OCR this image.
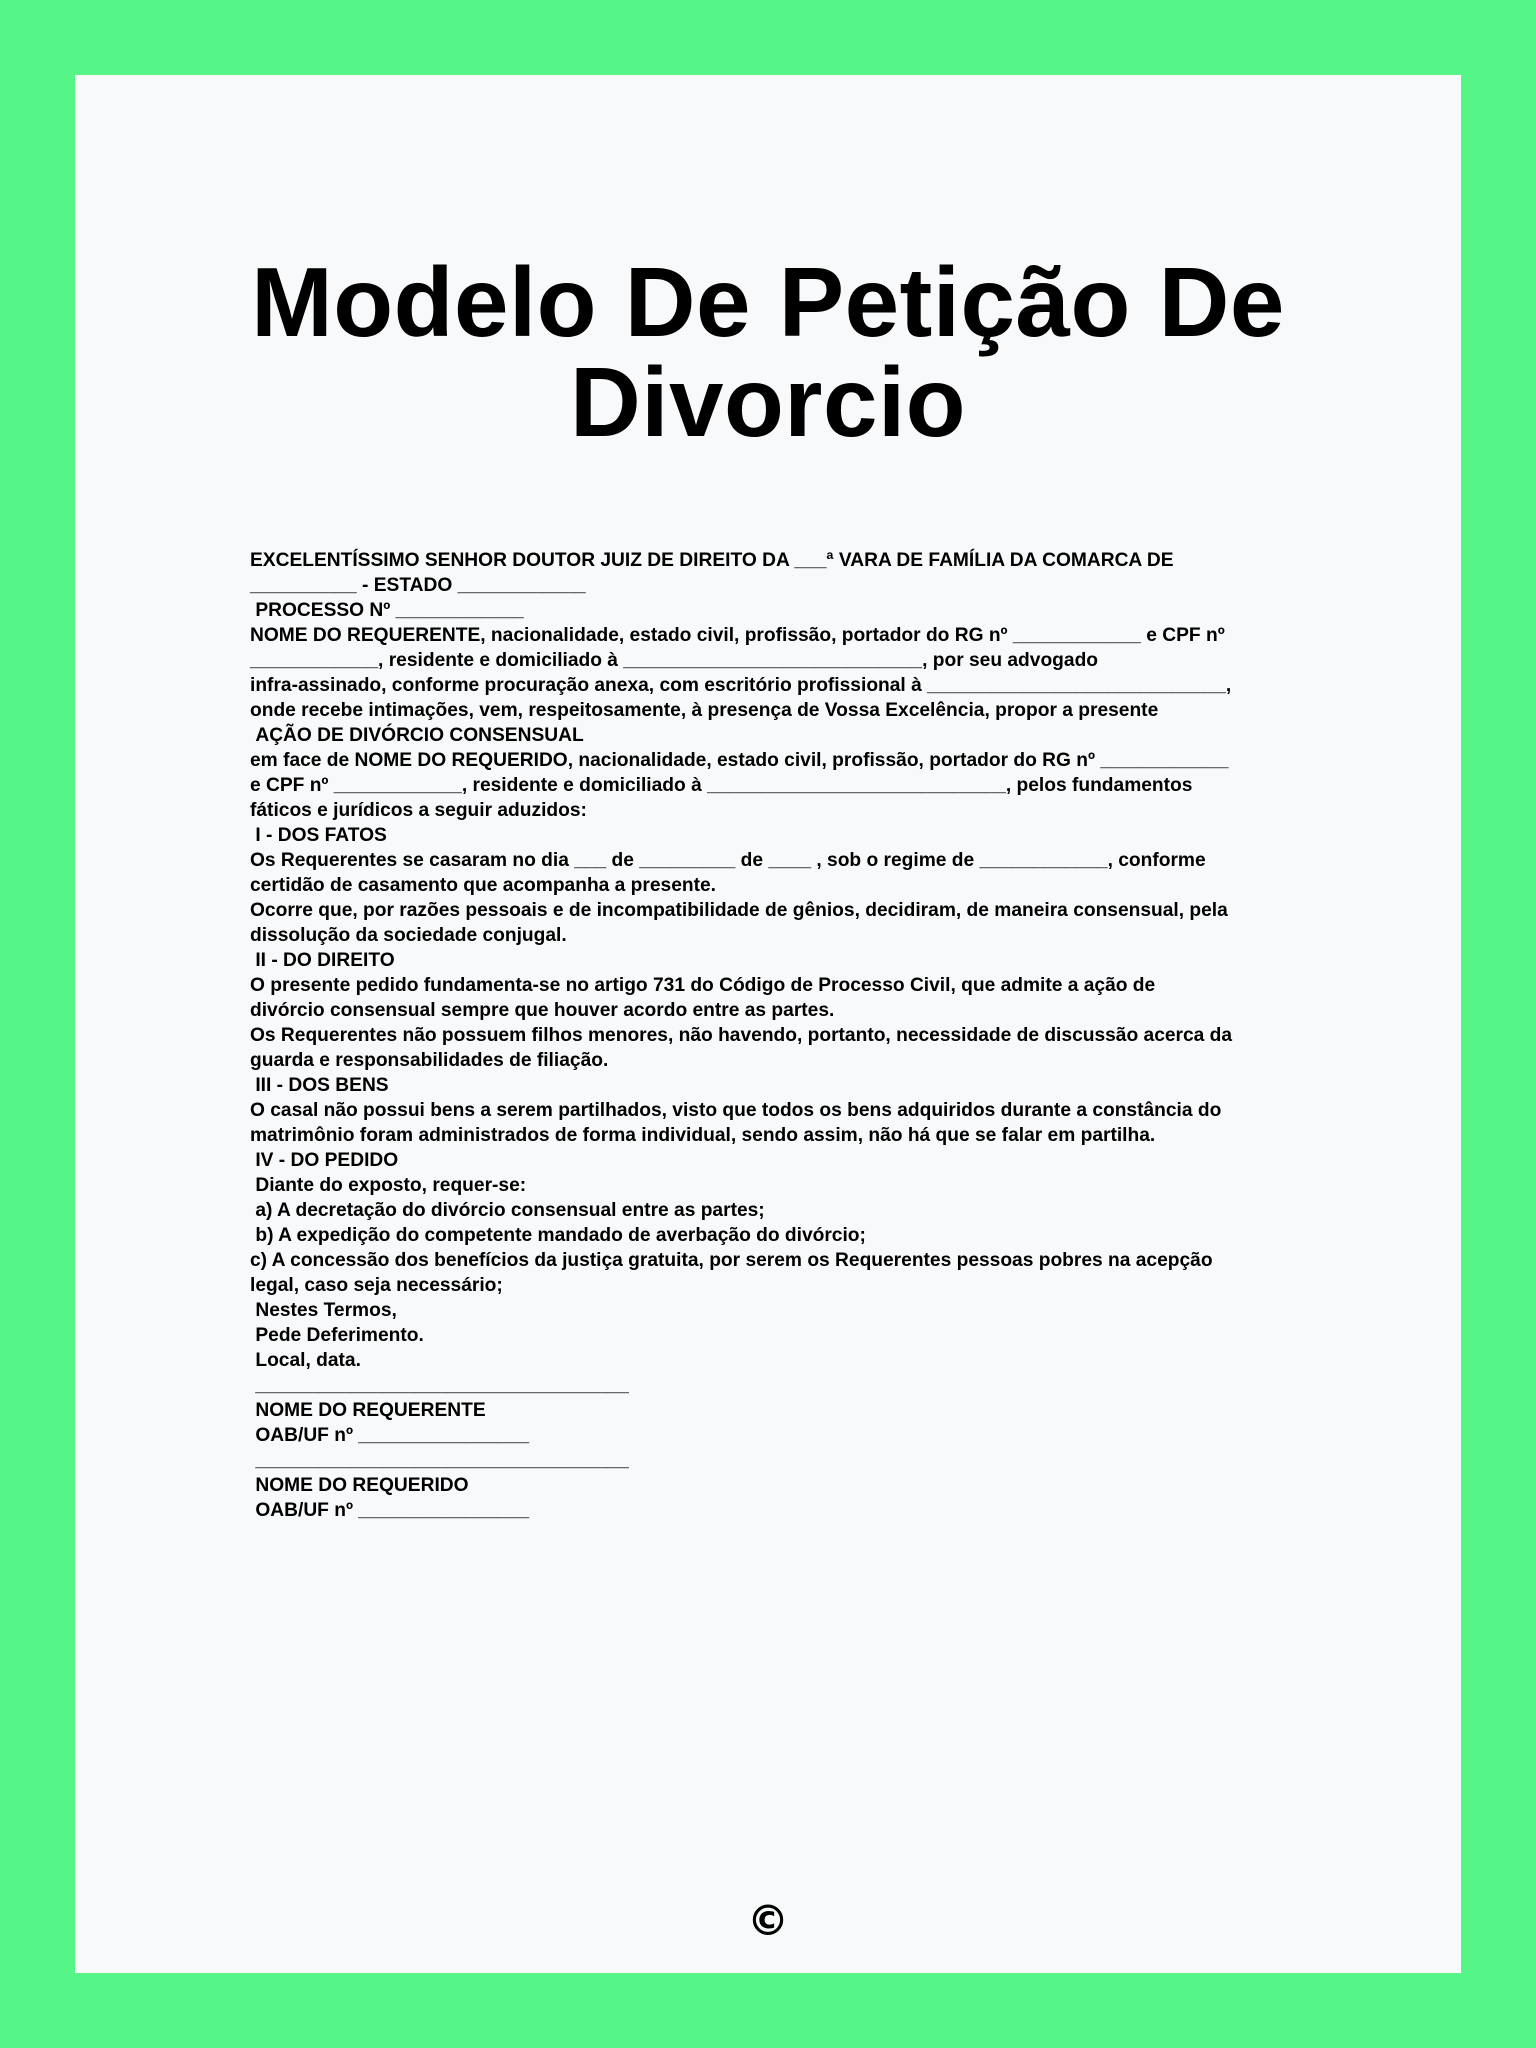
Modelo De Petição De
Divorcio

EXCELENTÍSSIMO SENHOR DOUTOR JUIZ DE DIREITO DA ___ª VARA DE FAMÍLIA DA COMARCA DE

__________ - ESTADO ____________

PROCESSO Nº ____________

NOME DO REQUERENTE, nacionalidade, estado civil, profissão, portador do RG nº ____________ e CPF nº

____________, residente e domiciliado à ____________________________, por seu advogado

infra-assinado, conforme procuração anexa, com escritório profissional à ____________________________,

onde recebe intimações, vem, respeitosamente, à presença de Vossa Excelência, propor a presente

AÇÃO DE DIVÓRCIO CONSENSUAL

em face de NOME DO REQUERIDO, nacionalidade, estado civil, profissão, portador do RG nº ____________

e CPF nº ____________, residente e domiciliado à ____________________________, pelos fundamentos

fáticos e jurídicos a seguir aduzidos:

I - DOS FATOS

Os Requerentes se casaram no dia ___ de _________ de ____ , sob o regime de ____________, conforme

certidão de casamento que acompanha a presente.

Ocorre que, por razões pessoais e de incompatibilidade de gênios, decidiram, de maneira consensual, pela

dissolução da sociedade conjugal.

II - DO DIREITO

O presente pedido fundamenta-se no artigo 731 do Código de Processo Civil, que admite a ação de

divórcio consensual sempre que houver acordo entre as partes.

Os Requerentes não possuem filhos menores, não havendo, portanto, necessidade de discussão acerca da

guarda e responsabilidades de filiação.

III - DOS BENS

O casal não possui bens a serem partilhados, visto que todos os bens adquiridos durante a constância do

matrimônio foram administrados de forma individual, sendo assim, não há que se falar em partilha.

IV - DO PEDIDO

Diante do exposto, requer-se:

a) A decretação do divórcio consensual entre as partes;

b) A expedição do competente mandado de averbação do divórcio;

c) A concessão dos benefícios da justiça gratuita, por serem os Requerentes pessoas pobres na acepção

legal, caso seja necessário;

Nestes Termos,

Pede Deferimento.

Local, data.

___________________________________

NOME DO REQUERENTE

OAB/UF nº ________________

___________________________________

NOME DO REQUERIDO

OAB/UF nº ________________

©
